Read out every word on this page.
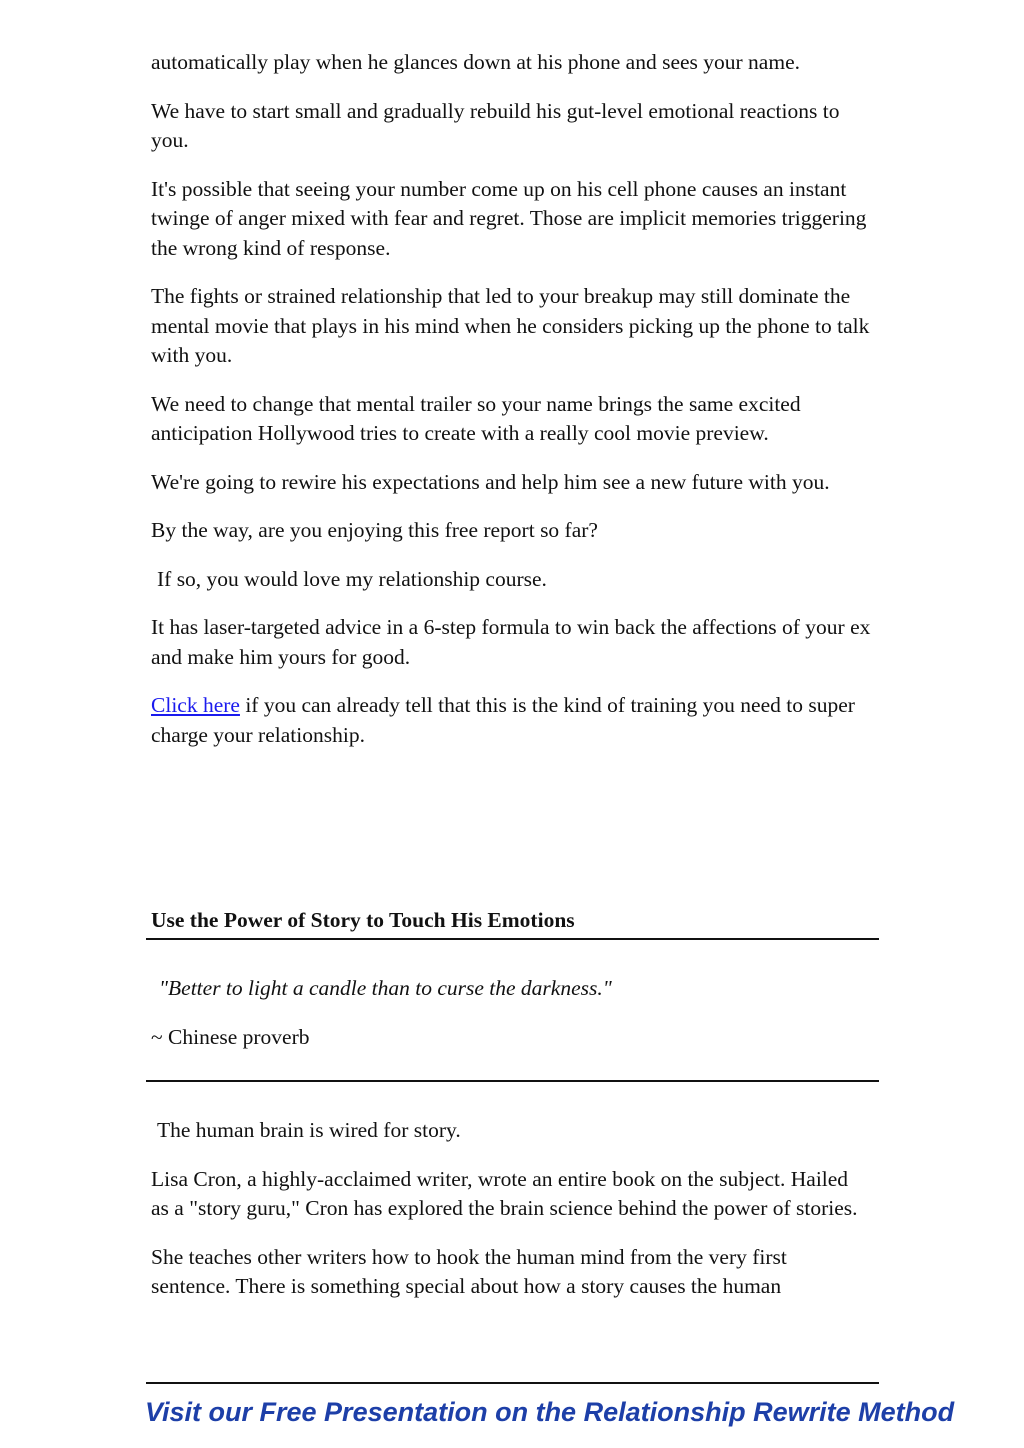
automatically play when he glances down at his phone and sees your name.

We have to start small and gradually rebuild his gut-level emotional reactions to you.

It's possible that seeing your number come up on his cell phone causes an instant twinge of anger mixed with fear and regret. Those are implicit memories triggering the wrong kind of response.

The fights or strained relationship that led to your breakup may still dominate the mental movie that plays in his mind when he considers picking up the phone to talk with you.

We need to change that mental trailer so your name brings the same excited anticipation Hollywood tries to create with a really cool movie preview.

We're going to rewire his expectations and help him see a new future with you.

By the way, are you enjoying this free report so far?

If so, you would love my relationship course.

It has laser-targeted advice in a 6-step formula to win back the affections of your ex and make him yours for good.

Click here if you can already tell that this is the kind of training you need to super charge your relationship.

Use the Power of Story to Touch His Emotions

"Better to light a candle than to curse the darkness."

~ Chinese proverb

The human brain is wired for story.

Lisa Cron, a highly-acclaimed writer, wrote an entire book on the subject. Hailed as a "story guru," Cron has explored the brain science behind the power of stories.

She teaches other writers how to hook the human mind from the very first sentence. There is something special about how a story causes the human

Visit our Free Presentation on the Relationship Rewrite Method
